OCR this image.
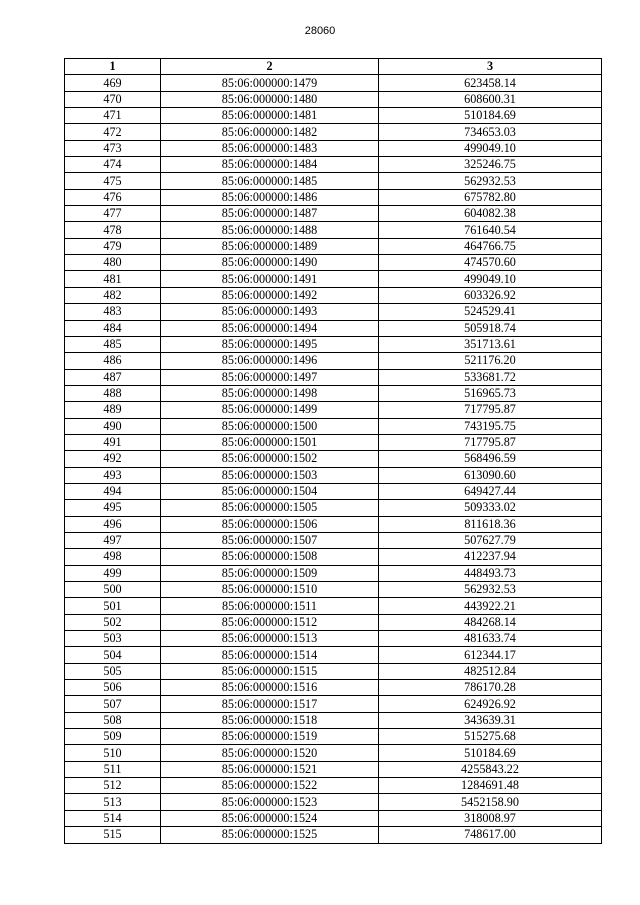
28060
1	2	3
469	85:06:000000:1479	623458.14
470	85:06:000000:1480	608600.31
471	85:06:000000:1481	510184.69
472	85:06:000000:1482	734653.03
473	85:06:000000:1483	499049.10
474	85:06:000000:1484	325246.75
475	85:06:000000:1485	562932.53
476	85:06:000000:1486	675782.80
477	85:06:000000:1487	604082.38
478	85:06:000000:1488	761640.54
479	85:06:000000:1489	464766.75
480	85:06:000000:1490	474570.60
481	85:06:000000:1491	499049.10
482	85:06:000000:1492	603326.92
483	85:06:000000:1493	524529.41
484	85:06:000000:1494	505918.74
485	85:06:000000:1495	351713.61
486	85:06:000000:1496	521176.20
487	85:06:000000:1497	533681.72
488	85:06:000000:1498	516965.73
489	85:06:000000:1499	717795.87
490	85:06:000000:1500	743195.75
491	85:06:000000:1501	717795.87
492	85:06:000000:1502	568496.59
493	85:06:000000:1503	613090.60
494	85:06:000000:1504	649427.44
495	85:06:000000:1505	509333.02
496	85:06:000000:1506	811618.36
497	85:06:000000:1507	507627.79
498	85:06:000000:1508	412237.94
499	85:06:000000:1509	448493.73
500	85:06:000000:1510	562932.53
501	85:06:000000:1511	443922.21
502	85:06:000000:1512	484268.14
503	85:06:000000:1513	481633.74
504	85:06:000000:1514	612344.17
505	85:06:000000:1515	482512.84
506	85:06:000000:1516	786170.28
507	85:06:000000:1517	624926.92
508	85:06:000000:1518	343639.31
509	85:06:000000:1519	515275.68
510	85:06:000000:1520	510184.69
511	85:06:000000:1521	4255843.22
512	85:06:000000:1522	1284691.48
513	85:06:000000:1523	5452158.90
514	85:06:000000:1524	318008.97
515	85:06:000000:1525	748617.00
